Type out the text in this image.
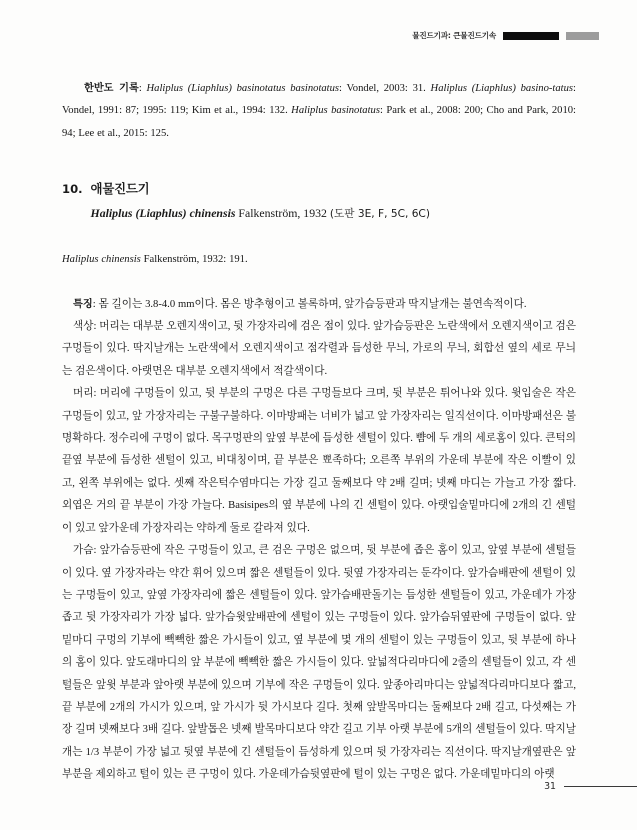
물진드기과: 큰물진드기속

한반도 기록: Haliplus (Liaphlus) basinotatus basinotatus: Vondel, 2003: 31. Haliplus (Liaphlus) basino-tatus: Vondel, 1991: 87; 1995: 119; Kim et al., 1994: 132. Haliplus basinotatus: Park et al., 2008: 200; Cho and Park, 2010: 94; Lee et al., 2015: 125.

10. 애물진드기
Haliplus (Liaphlus) chinensis Falkenström, 1932 (도판 3E, F, 5C, 6C)

Haliplus chinensis Falkenström, 1932: 191.

특징: 몸 길이는 3.8-4.0 mm이다. 몸은 방추형이고 볼록하며, 앞가슴등판과 딱지날개는 불연속적이다.

색상: 머리는 대부분 오렌지색이고, 뒷 가장자리에 검은 점이 있다. 앞가슴등판은 노란색에서 오렌지색이고 검은 구멍들이 있다. 딱지날개는 노란색에서 오렌지색이고 점각렬과 듬성한 무늬, 가로의 무늬, 회합선 옆의 세로 무늬는 검은색이다. 아랫면은 대부분 오렌지색에서 적갈색이다.

머리: 머리에 구멍들이 있고, 뒷 부분의 구멍은 다른 구멍들보다 크며, 뒷 부분은 튀어나와 있다. 윗입술은 작은 구멍들이 있고, 앞 가장자리는 구불구불하다. 이마방패는 너비가 넓고 앞 가장자리는 일직선이다. 이마방패선은 불명확하다. 정수리에 구멍이 없다. 목구멍판의 앞옆 부분에 듬성한 센털이 있다. 뺨에 두 개의 세로홈이 있다. 큰턱의 끝옆 부분에 듬성한 센털이 있고, 비대칭이며, 끝 부분은 뾰족하다; 오른쪽 부위의 가운데 부분에 작은 이빨이 있고, 왼쪽 부위에는 없다. 셋째 작은턱수염마디는 가장 길고 둘째보다 약 2배 길며; 넷째 마디는 가늘고 가장 짧다. 외엽은 거의 끝 부분이 가장 가늘다. Basisipes의 옆 부분에 나의 긴 센털이 있다. 아랫입술밑마디에 2개의 긴 센털이 있고 앞가운데 가장자리는 약하게 둘로 갈라져 있다.

가슴: 앞가슴등판에 작은 구멍들이 있고, 큰 검은 구멍은 없으며, 뒷 부분에 좁은 홈이 있고, 앞옆 부분에 센털들이 있다. 옆 가장자라는 약간 휘어 있으며 짧은 센털들이 있다. 뒷옆 가장자리는 둔각이다. 앞가슴배판에 센털이 있는 구멍들이 있고, 앞옆 가장자리에 짧은 센털들이 있다. 앞가슴배판돌기는 듬성한 센털들이 있고, 가운데가 가장 좁고 뒷 가장자리가 가장 넓다. 앞가슴윗앞배판에 센털이 있는 구멍들이 있다. 앞가슴뒤옆판에 구멍들이 없다. 앞밑마디 구멍의 기부에 빽빽한 짧은 가시들이 있고, 옆 부분에 몇 개의 센털이 있는 구멍들이 있고, 뒷 부분에 하나의 홈이 있다. 앞도래마디의 앞 부분에 빽빽한 짧은 가시들이 있다. 앞넓적다리마디에 2줄의 센털들이 있고, 각 센털들은 앞윗 부분과 앞아랫 부분에 있으며 기부에 작은 구멍들이 있다. 앞종아리마디는 앞넓적다리마디보다 짧고, 끝 부분에 2개의 가시가 있으며, 앞 가시가 뒷 가시보다 길다. 첫째 앞발목마디는 둘째보다 2배 길고, 다섯째는 가장 길며 넷째보다 3배 길다. 앞발톱은 넷째 발목마디보다 약간 길고 기부 아랫 부분에 5개의 센털들이 있다. 딱지날개는 1/3 부분이 가장 넓고 뒷옆 부분에 긴 센털들이 듬성하게 있으며 뒷 가장자리는 직선이다. 딱지날개옆판은 앞 부분을 제외하고 털이 있는 큰 구멍이 있다. 가운데가슴뒷옆판에 털이 있는 구멍은 없다. 가운데밑마디의 아랫

31
